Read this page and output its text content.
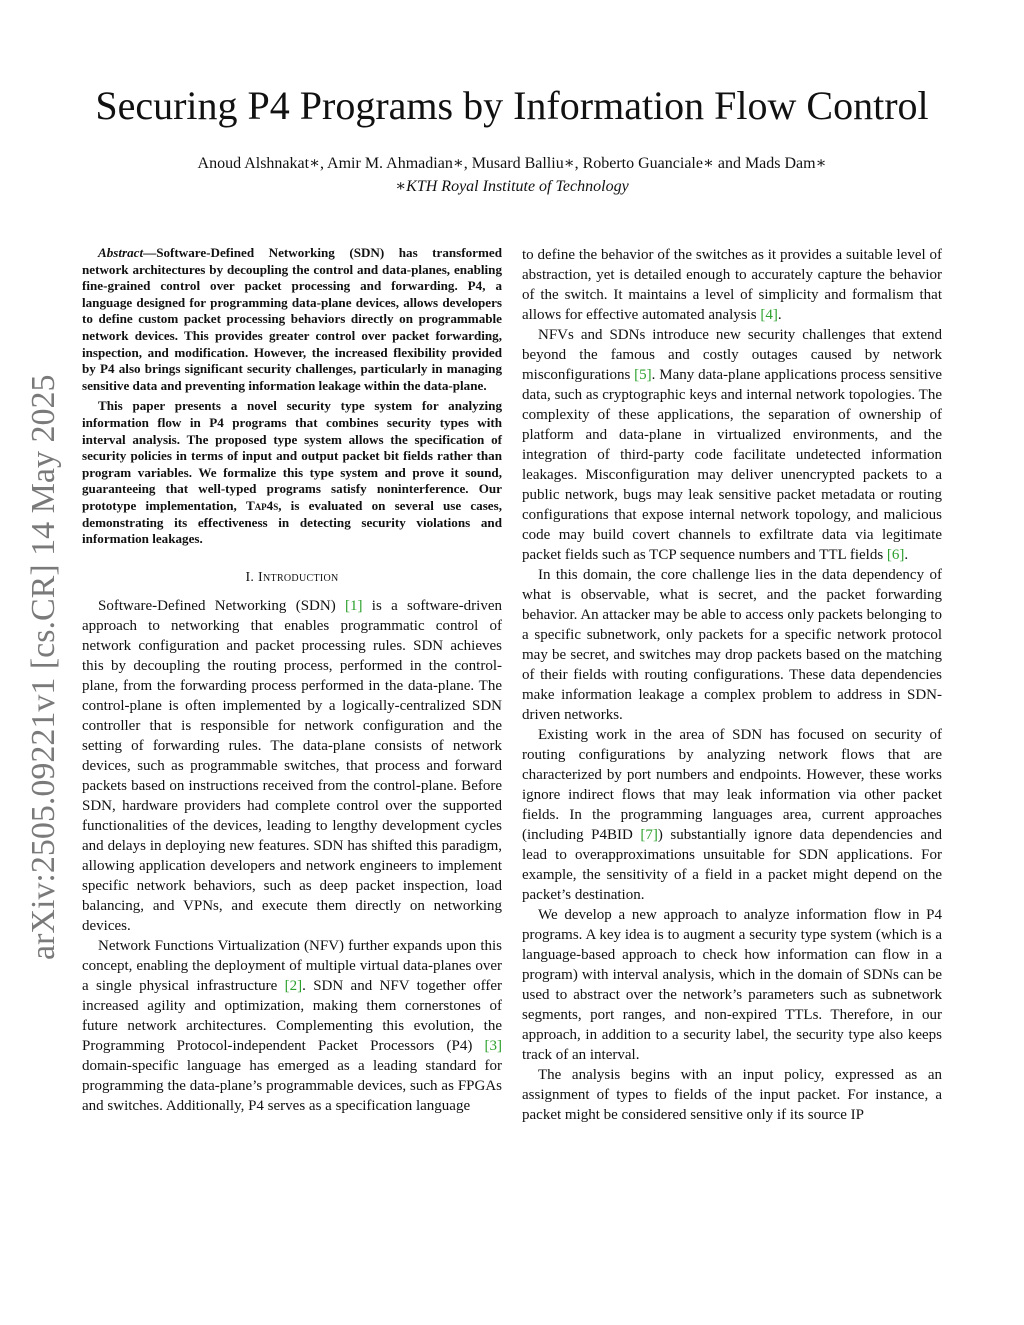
arXiv:2505.09221v1 [cs.CR] 14 May 2025
Securing P4 Programs by Information Flow Control
Anoud Alshnakat∗, Amir M. Ahmadian∗, Musard Balliu∗, Roberto Guanciale∗ and Mads Dam∗
∗KTH Royal Institute of Technology

Abstract—Software-Defined Networking (SDN) has transformed network architectures by decoupling the control and data-planes, enabling fine-grained control over packet processing and forwarding. P4, a language designed for programming data-plane devices, allows developers to define custom packet processing behaviors directly on programmable network devices. This provides greater control over packet forwarding, inspection, and modification. However, the increased flexibility provided by P4 also brings significant security challenges, particularly in managing sensitive data and preventing information leakage within the data-plane.

This paper presents a novel security type system for analyzing information flow in P4 programs that combines security types with interval analysis. The proposed type system allows the specification of security policies in terms of input and output packet bit fields rather than program variables. We formalize this type system and prove it sound, guaranteeing that well-typed programs satisfy noninterference. Our prototype implementation, Tap4s, is evaluated on several use cases, demonstrating its effectiveness in detecting security violations and information leakages.

I. Introduction

Software-Defined Networking (SDN) [1] is a software-driven approach to networking that enables programmatic control of network configuration and packet processing rules. SDN achieves this by decoupling the routing process, performed in the control-plane, from the forwarding process performed in the data-plane. The control-plane is often implemented by a logically-centralized SDN controller that is responsible for network configuration and the setting of forwarding rules. The data-plane consists of network devices, such as programmable switches, that process and forward packets based on instructions received from the control-plane. Before SDN, hardware providers had complete control over the supported functionalities of the devices, leading to lengthy development cycles and delays in deploying new features. SDN has shifted this paradigm, allowing application developers and network engineers to implement specific network behaviors, such as deep packet inspection, load balancing, and VPNs, and execute them directly on networking devices.

Network Functions Virtualization (NFV) further expands upon this concept, enabling the deployment of multiple virtual data-planes over a single physical infrastructure [2]. SDN and NFV together offer increased agility and optimization, making them cornerstones of future network architectures. Complementing this evolution, the Programming Protocol-independent Packet Processors (P4) [3] domain-specific language has emerged as a leading standard for programming the data-plane’s programmable devices, such as FPGAs and switches. Additionally, P4 serves as a specification language

to define the behavior of the switches as it provides a suitable level of abstraction, yet is detailed enough to accurately capture the behavior of the switch. It maintains a level of simplicity and formalism that allows for effective automated analysis [4].

NFVs and SDNs introduce new security challenges that extend beyond the famous and costly outages caused by network misconfigurations [5]. Many data-plane applications process sensitive data, such as cryptographic keys and internal network topologies. The complexity of these applications, the separation of ownership of platform and data-plane in virtualized environments, and the integration of third-party code facilitate undetected information leakages. Misconfiguration may deliver unencrypted packets to a public network, bugs may leak sensitive packet metadata or routing configurations that expose internal network topology, and malicious code may build covert channels to exfiltrate data via legitimate packet fields such as TCP sequence numbers and TTL fields [6].

In this domain, the core challenge lies in the data dependency of what is observable, what is secret, and the packet forwarding behavior. An attacker may be able to access only packets belonging to a specific subnetwork, only packets for a specific network protocol may be secret, and switches may drop packets based on the matching of their fields with routing configurations. These data dependencies make information leakage a complex problem to address in SDN-driven networks.

Existing work in the area of SDN has focused on security of routing configurations by analyzing network flows that are characterized by port numbers and endpoints. However, these works ignore indirect flows that may leak information via other packet fields. In the programming languages area, current approaches (including P4BID [7]) substantially ignore data dependencies and lead to overapproximations unsuitable for SDN applications. For example, the sensitivity of a field in a packet might depend on the packet’s destination.

We develop a new approach to analyze information flow in P4 programs. A key idea is to augment a security type system (which is a language-based approach to check how information can flow in a program) with interval analysis, which in the domain of SDNs can be used to abstract over the network’s parameters such as subnetwork segments, port ranges, and non-expired TTLs. Therefore, in our approach, in addition to a security label, the security type also keeps track of an interval.

The analysis begins with an input policy, expressed as an assignment of types to fields of the input packet. For instance, a packet might be considered sensitive only if its source IP
